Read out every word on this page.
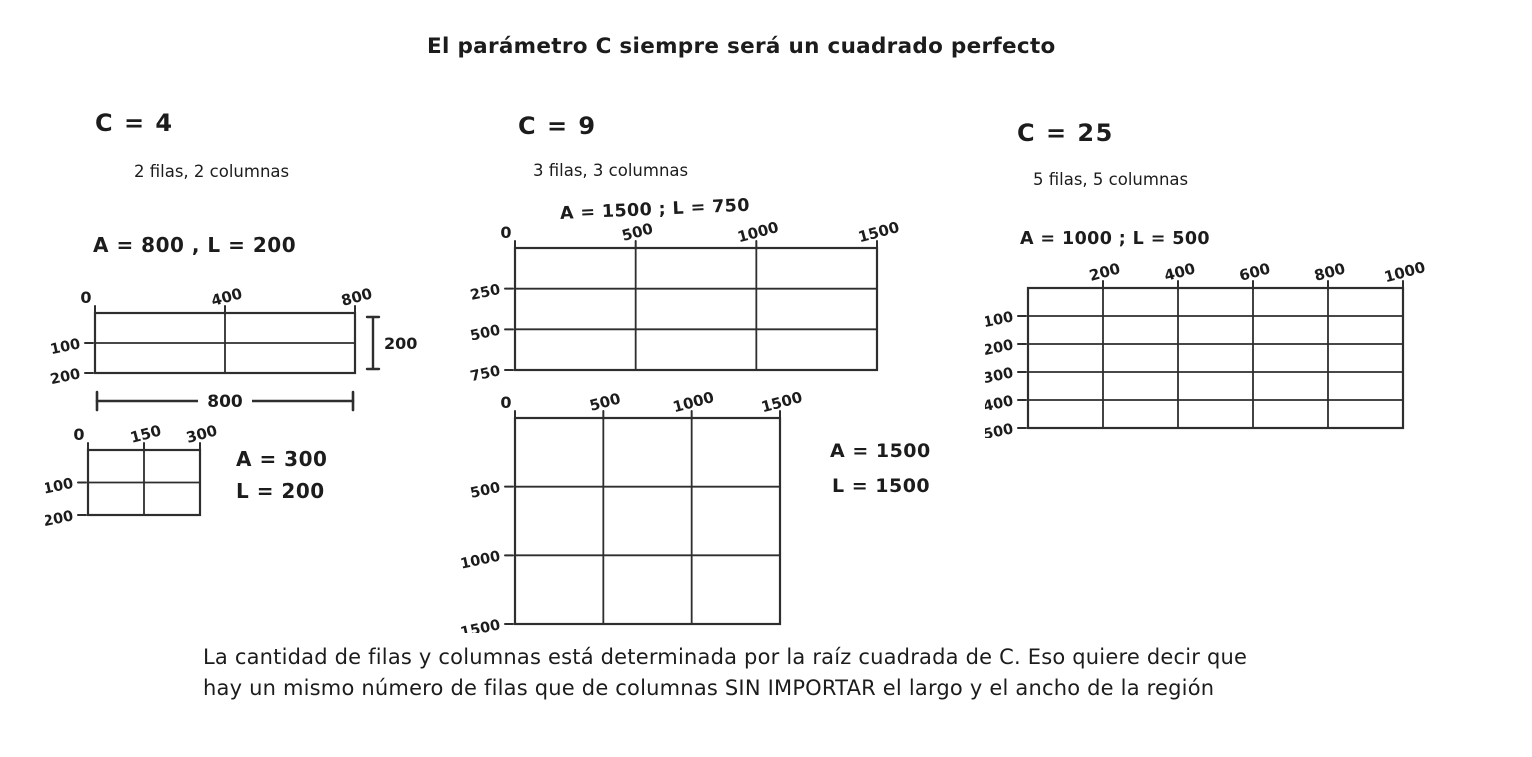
El parámetro C siempre será un cuadrado perfecto
C = 4
2 filas, 2 columnas
A = 800 , L = 200
0	400	800
100
200
200
800
0	150 300
100
200
A = 300
L = 200
C = 9
3 filas, 3 columnas
A = 1500 ; L = 750
0	500	1000	1500
250
500
750
0	500	1000	1500
500
1000
1500
A = 1500
L = 1500
C = 25
5 filas, 5 columnas
A = 1000 ; L = 500
200	400	600	800 1000
100
200
300
400
500
La cantidad de filas y columnas está determinada por la raíz cuadrada de C. Eso quiere decir que
hay un mismo número de filas que de columnas SIN IMPORTAR el largo y el ancho de la región
